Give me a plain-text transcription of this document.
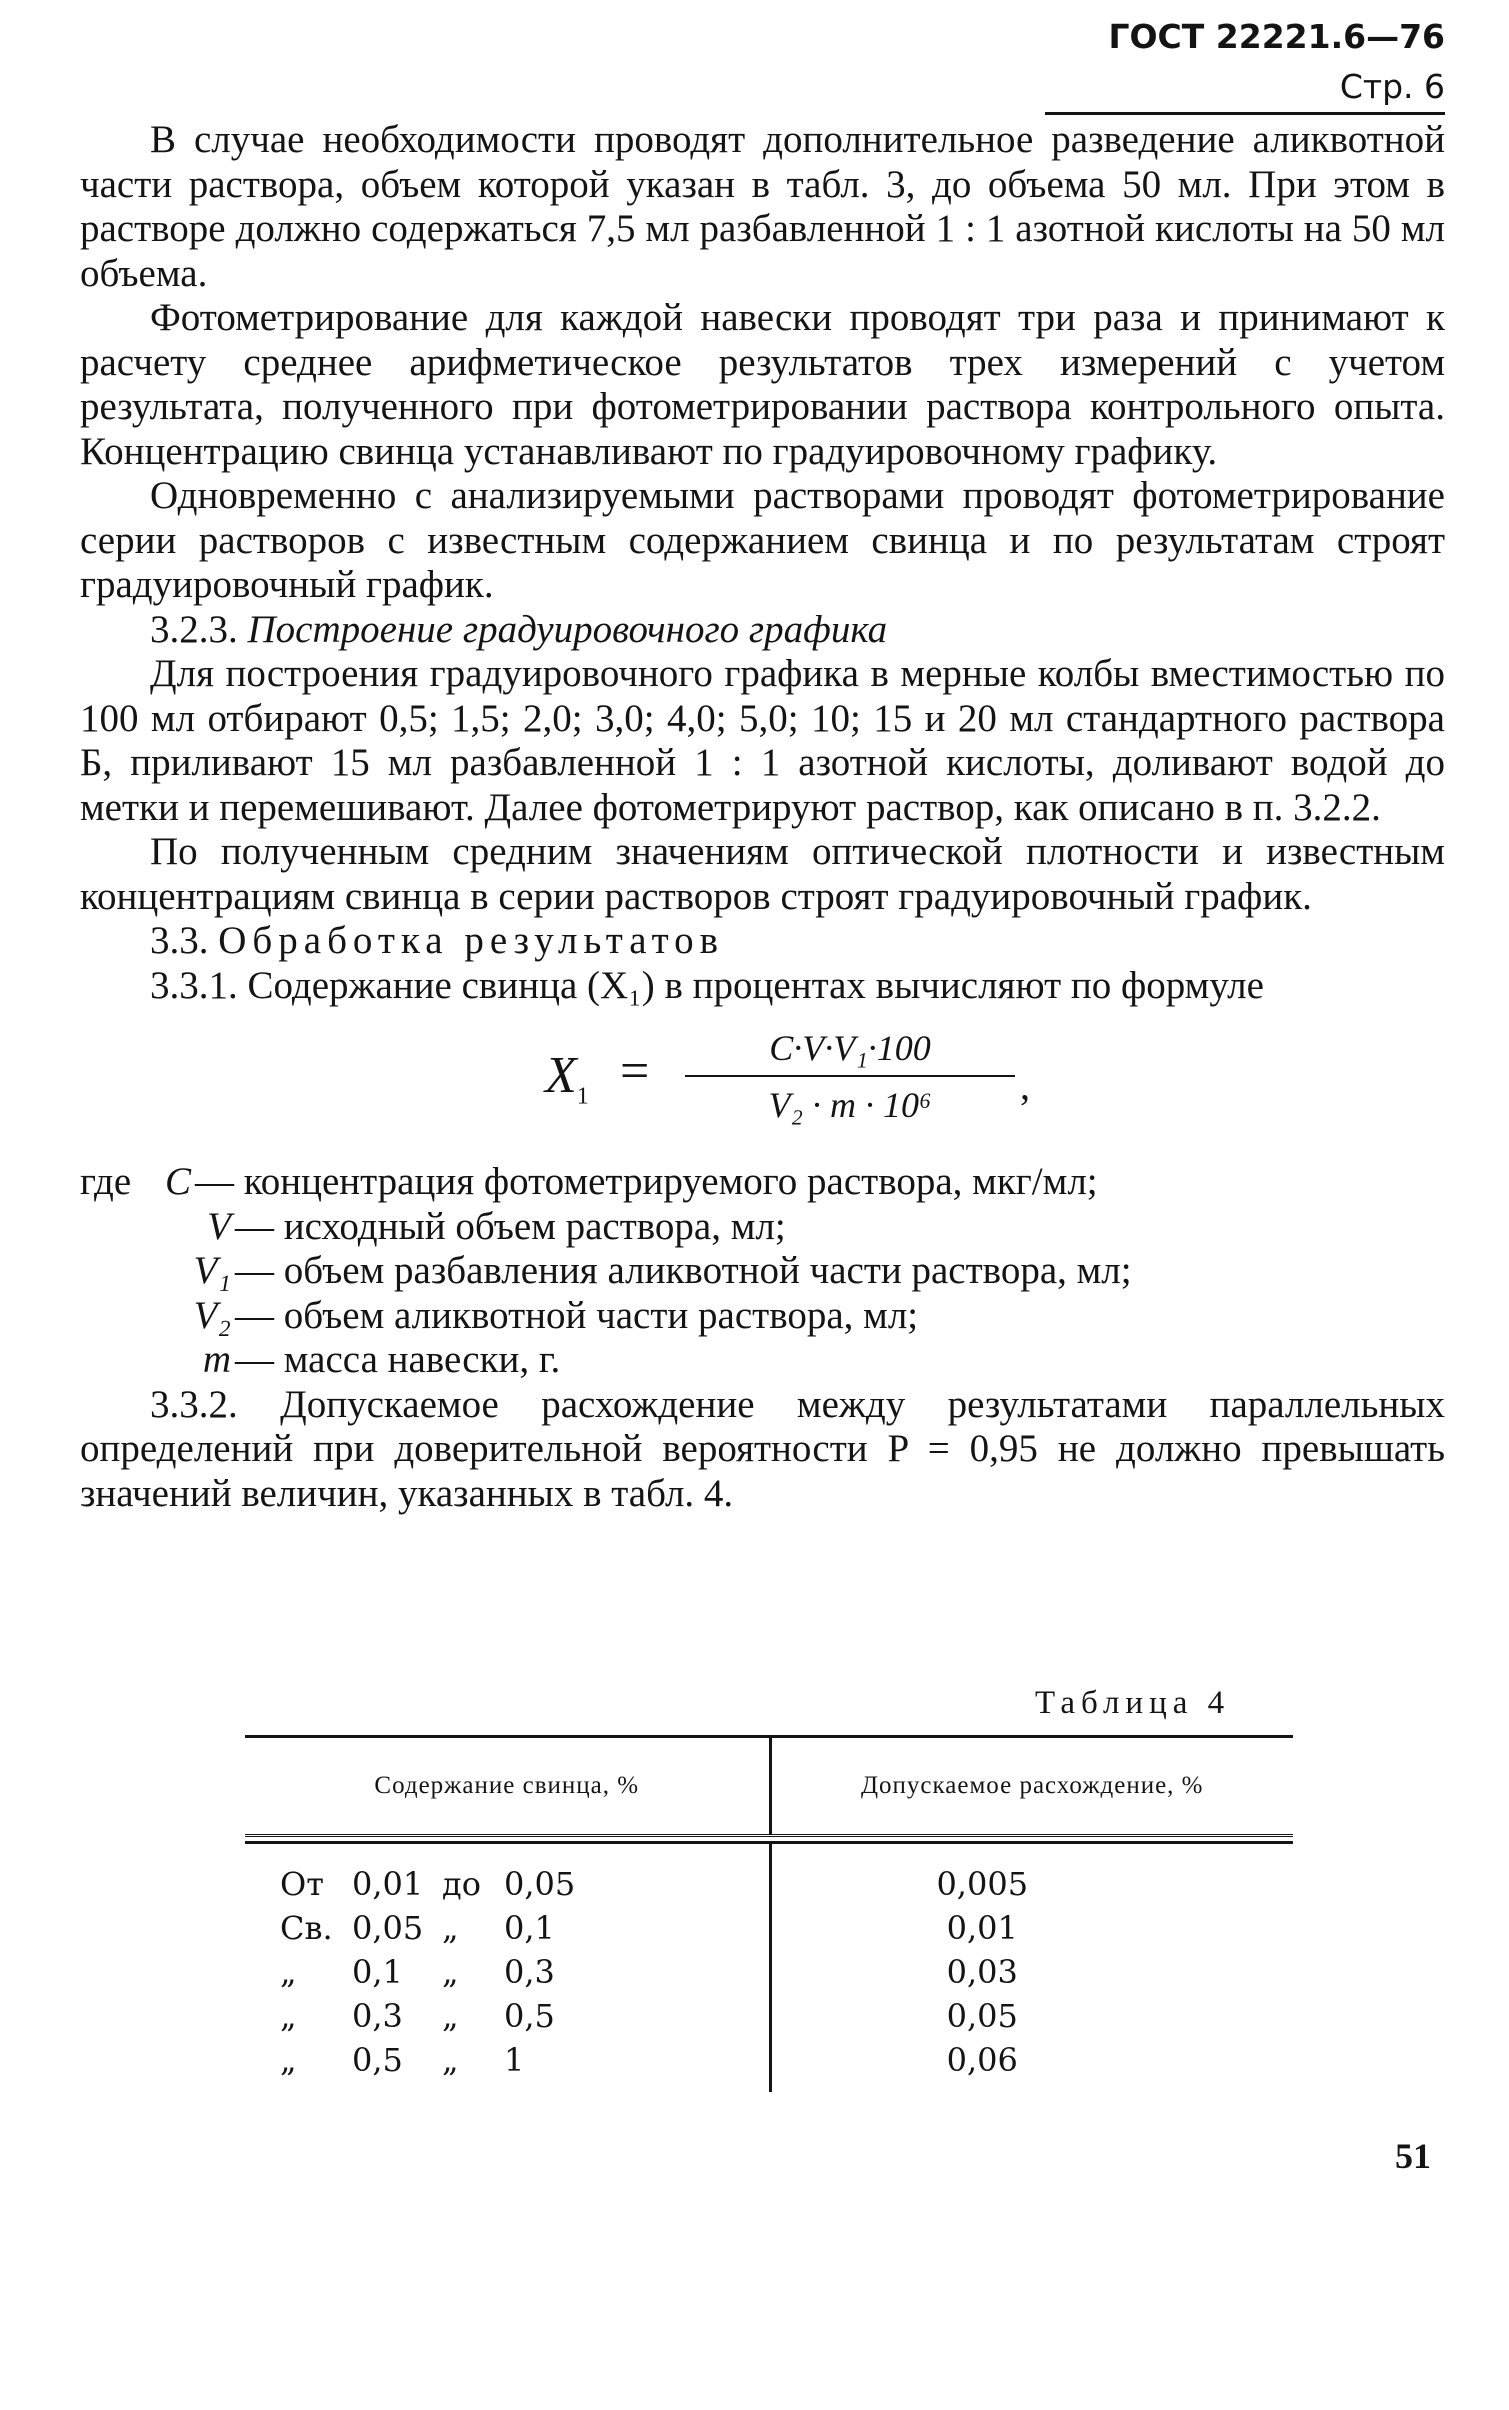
ГОСТ 22221.6—76 Стр. 6

В случае необходимости проводят дополнительное разведение аликвотной части раствора, объем которой указан в табл. 3, до объема 50 мл. При этом в растворе должно содержаться 7,5 мл разбавленной 1 : 1 азотной кислоты на 50 мл объема.

Фотометрирование для каждой навески проводят три раза и принимают к расчету среднее арифметическое результатов трех измерений с учетом результата, полученного при фотометрировании раствора контрольного опыта. Концентрацию свинца устанавливают по градуировочному графику.

Одновременно с анализируемыми растворами проводят фотометрирование серии растворов с известным содержанием свинца и по результатам строят градуировочный график.

3.2.3. Построение градуировочного графика

Для построения градуировочного графика в мерные колбы вместимостью по 100 мл отбирают 0,5; 1,5; 2,0; 3,0; 4,0; 5,0; 10; 15 и 20 мл стандартного раствора Б, приливают 15 мл разбавленной 1 : 1 азотной кислоты, доливают водой до метки и перемешивают. Далее фотометрируют раствор, как описано в п. 3.2.2.

По полученным средним значениям оптической плотности и известным концентрациям свинца в серии растворов строят градуировочный график.

3.3. Обработка результатов

3.3.1. Содержание свинца (X₁) в процентах вычисляют по формуле

$X_1 = \frac{\text{C·V·V₁·100}}{\text{V₂ · m · 10⁶}}$ ,
где C — концентрация фотометрируемого раствора, мкг/мл;
V — исходный объем раствора, мл;
V₁ — объем разбавления аликвотной части раствора, мл;
V₂ — объем аликвотной части раствора, мл;
m — масса навески, г.

3.3.2. Допускаемое расхождение между результатами параллельных определений при доверительной вероятности P = 0,95 не должно превышать значений величин, указанных в табл. 4.

Таблица 4
Содержание свинца, %	Допускаемое расхождение, %
От 0,01 до 0,05
Св. 0,05 „ 0,1
„ 0,1 „ 0,3
„ 0,3 „ 0,5
„ 0,5 „ 1
0,005
0,01
0,03
0,05
0,06
51
